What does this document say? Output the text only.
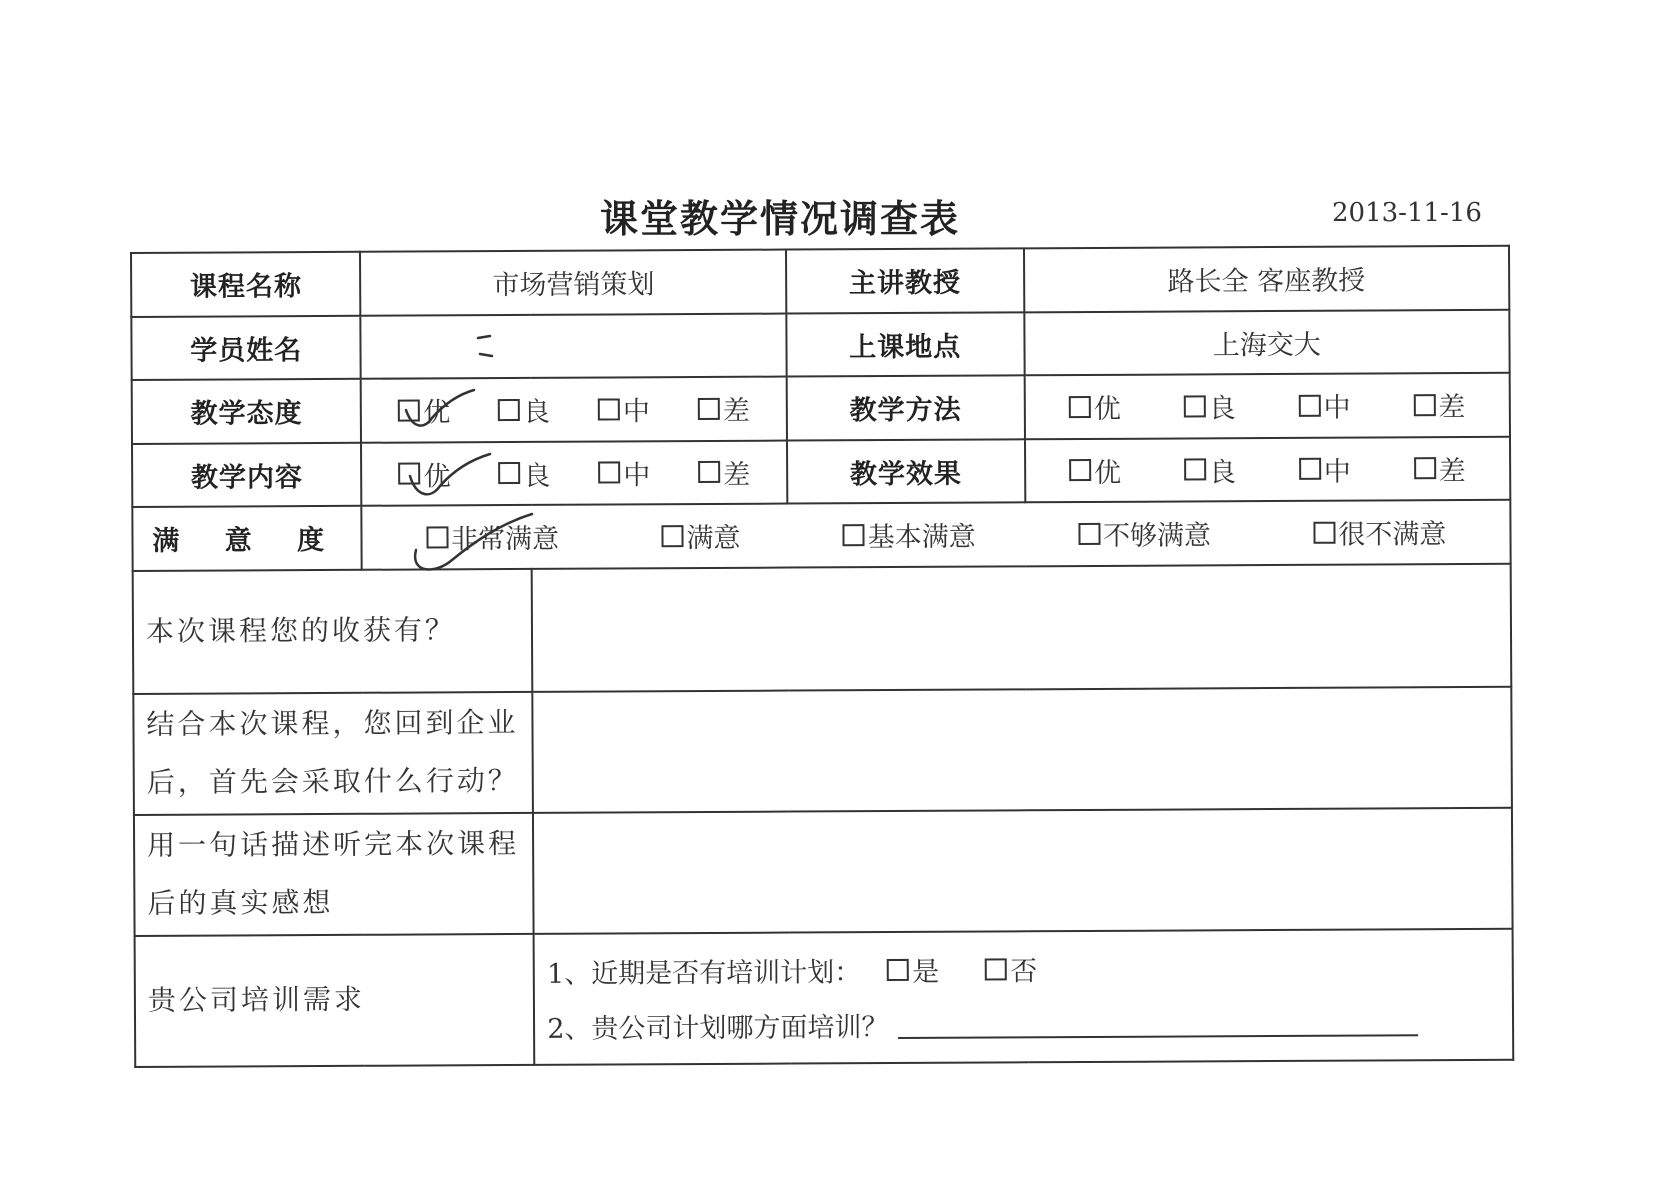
课堂教学情况调查表	2013-11-16
课程名称	市场营销策划		主讲教授	路长全 客座教授
学员姓名			上课地点	上海交大
教学态度	优 良 中 差		教学方法	优 良 中 差

教学内容	优 良 中 差		教学效果	优 良 中 差

满 意 度	非常满意 满意 基本满意 不够满意 很不满意			

本次课程您的收获有？				
结合本次课程，您回到企业后，首先会采取什么行动？				
用一句话描述听完本次课程后的真实感想				
贵公司培训需求		1、近期是否有培训计划： 是 否
2、贵公司计划哪方面培训？		
